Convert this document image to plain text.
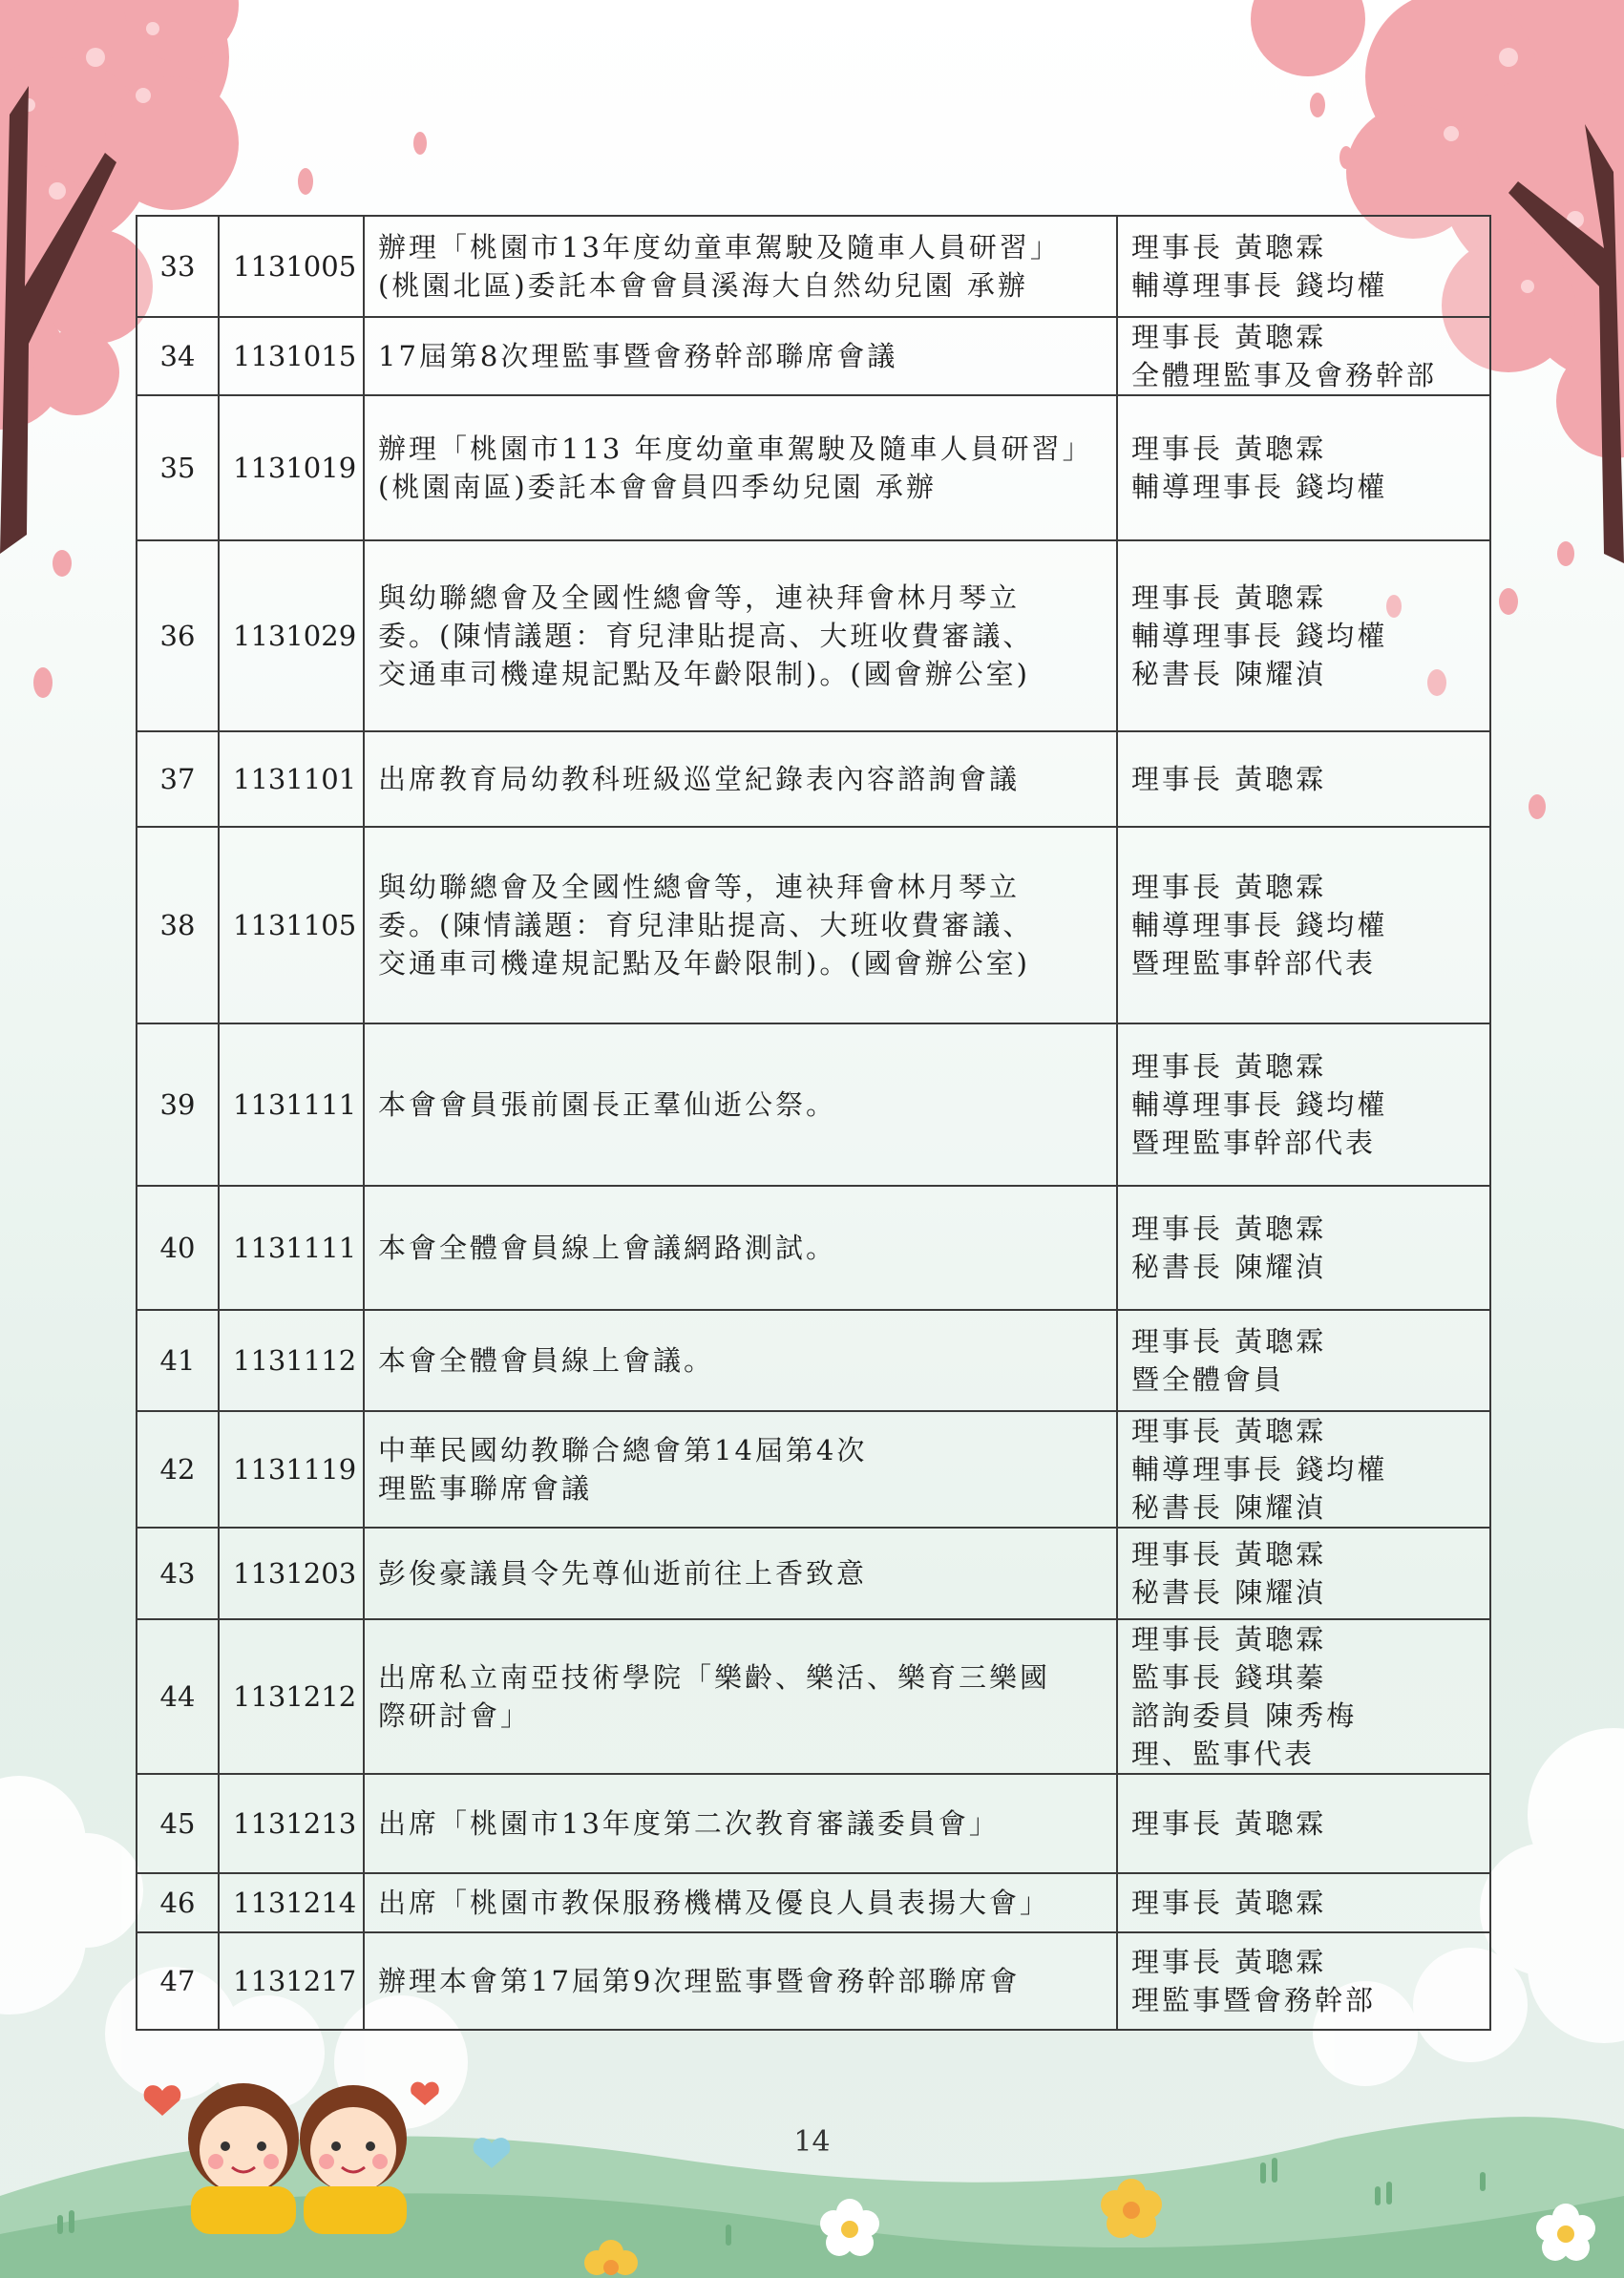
33	1131005	辦理「桃園市13年度幼童車駕駛及隨車人員研習」
(桃園北區)委託本會會員溪海大自然幼兒園 承辦	理事長 黃聰霖
輔導理事長 錢均權

34	1131015	17屆第8次理監事暨會務幹部聯席會議	理事長 黃聰霖
全體理監事及會務幹部

35	1131019	辦理「桃園市113 年度幼童車駕駛及隨車人員研習」
(桃園南區)委託本會會員四季幼兒園 承辦	理事長 黃聰霖
輔導理事長 錢均權

36	1131029	與幼聯總會及全國性總會等，連袂拜會林月琴立
委。(陳情議題：育兒津貼提高、大班收費審議、
交通車司機違規記點及年齡限制)。(國會辦公室)	理事長 黃聰霖
輔導理事長 錢均權
秘書長 陳耀湞

37	1131101	出席教育局幼教科班級巡堂紀錄表內容諮詢會議	理事長 黃聰霖

38	1131105	與幼聯總會及全國性總會等，連袂拜會林月琴立
委。(陳情議題：育兒津貼提高、大班收費審議、
交通車司機違規記點及年齡限制)。(國會辦公室)	理事長 黃聰霖
輔導理事長 錢均權
暨理監事幹部代表

39	1131111	本會會員張前園長正羣仙逝公祭。	理事長 黃聰霖
輔導理事長 錢均權
暨理監事幹部代表

40	1131111	本會全體會員線上會議網路測試。	理事長 黃聰霖
秘書長 陳耀湞

41	1131112	本會全體會員線上會議。	理事長 黃聰霖
暨全體會員

42	1131119	中華民國幼教聯合總會第14屆第4次
理監事聯席會議	理事長 黃聰霖
輔導理事長 錢均權
秘書長 陳耀湞

43	1131203	彭俊豪議員令先尊仙逝前往上香致意	理事長 黃聰霖
秘書長 陳耀湞

44	1131212	出席私立南亞技術學院「樂齡、樂活、樂育三樂國
際研討會」	理事長 黃聰霖
監事長 錢琪蓁
諮詢委員 陳秀梅
理、監事代表

45	1131213	出席「桃園市13年度第二次教育審議委員會」	理事長 黃聰霖

46	1131214	出席「桃園市教保服務機構及優良人員表揚大會」	理事長 黃聰霖

47	1131217	辦理本會第17屆第9次理監事暨會務幹部聯席會	理事長 黃聰霖
理監事暨會務幹部
14
